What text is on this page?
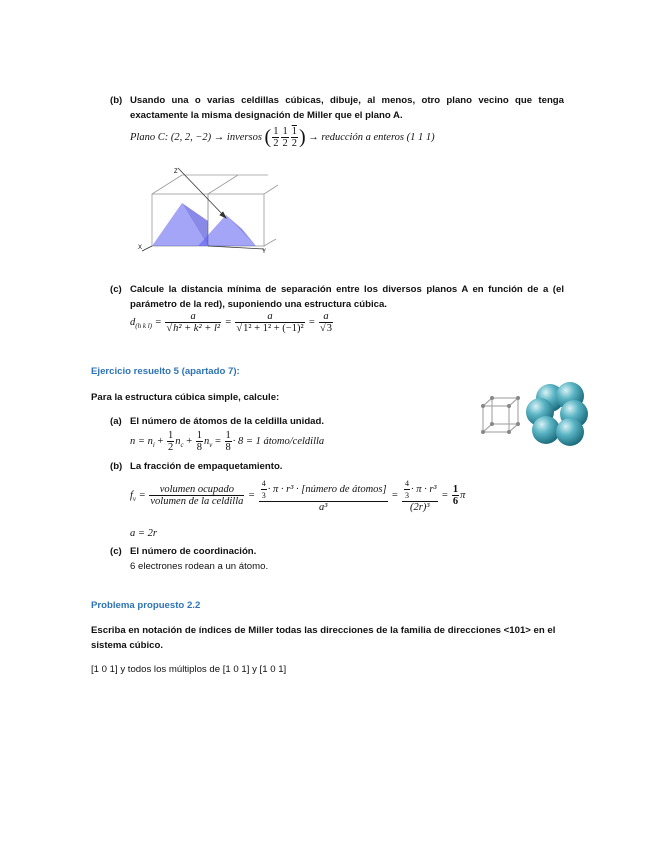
(b) Usando una o varias celdillas cúbicas, dibuje, al menos, otro plano vecino que tenga exactamente la misma designación de Miller que el plano A.
Plano C: (2, 2, −2) → inversos ( $\frac{1}{2} \frac{1}{2} \frac{1}{2}$ ) → reducción a enteros (1 1 1)
Z
X
Y
(c) Calcule la distancia mínima de separación entre los diversos planos A en función de a (el parámetro de la red), suponiendo una estructura cúbica.
$d_{(h k l)} = \frac{a}{\text{√h² + k² + l²}} = \frac{a}{\text{√1² + 1² + (−1)²}} = \frac{a}{√3}$
Ejercicio resuelto 5 (apartado 7):
Para la estructura cúbica simple, calcule:
(a) El número de átomos de la celdilla unidad.
$n = n_i + \frac{1}{2} n_c + \frac{1}{8} n_v = \frac{1}{8} \cdot 8 = 1$ átomo/celdilla
(b) La fracción de empaquetamiento.
$f_v = \frac{\text{volumen ocupado}}{\text{volumen de la celdilla}} = \frac{\frac{4}{3} \cdot \pi \cdot r^3 \cdot [número de átomos]}{\text{a³}} = \frac{\frac{4}{3} \cdot \pi \cdot r^3}{\text{(2r)³}} = \frac{1}{6}$ π
a = 2r
(c) El número de coordinación.
6 electrones rodean a un átomo.
Problema propuesto 2.2
Escriba en notación de índices de Miller todas las direcciones de la familia de direcciones <101> en el sistema cúbico.
[1 0 1] y todos los múltiplos de [1 0 1] y [1 0 1]
